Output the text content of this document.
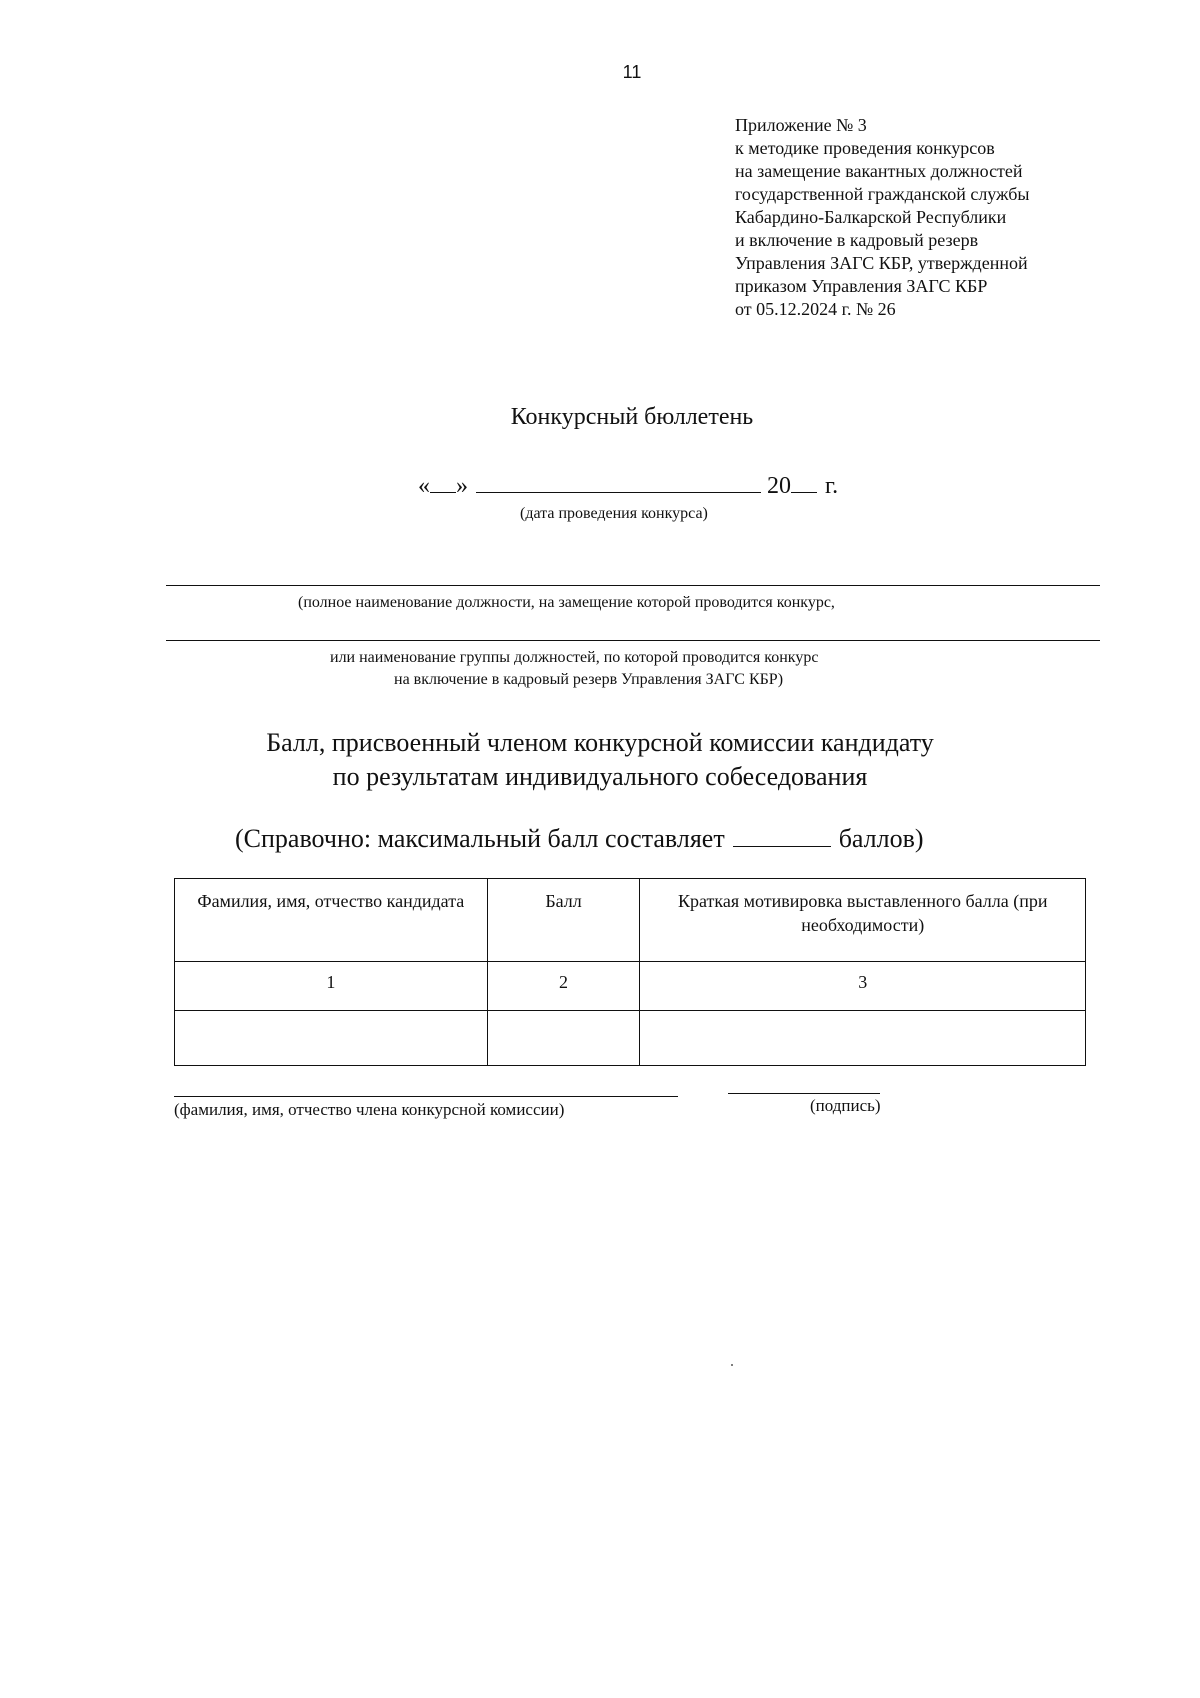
11
Приложение № 3
к методике проведения конкурсов
на замещение вакантных должностей
государственной гражданской службы
Кабардино-Балкарской Республики
и включение в кадровый резерв
Управления ЗАГС КБР, утвержденной
приказом Управления ЗАГС КБР
от 05.12.2024 г. № 26
Конкурсный бюллетень
« »	20 г.
(дата проведения конкурса)
(полное наименование должности, на замещение которой проводится конкурс,
или наименование группы должностей, по которой проводится конкурс
на включение в кадровый резерв Управления ЗАГС КБР)
Балл, присвоенный членом конкурсной комиссии кандидату
по результатам индивидуального собеседования
(Справочно: максимальный балл составляет	баллов)
Фамилия, имя, отчество кандидата	Балл	Краткая мотивировка выставленного балла (при необходимости)
1	2	3

(фамилия, имя, отчество члена конкурсной комиссии)	(подпись)
